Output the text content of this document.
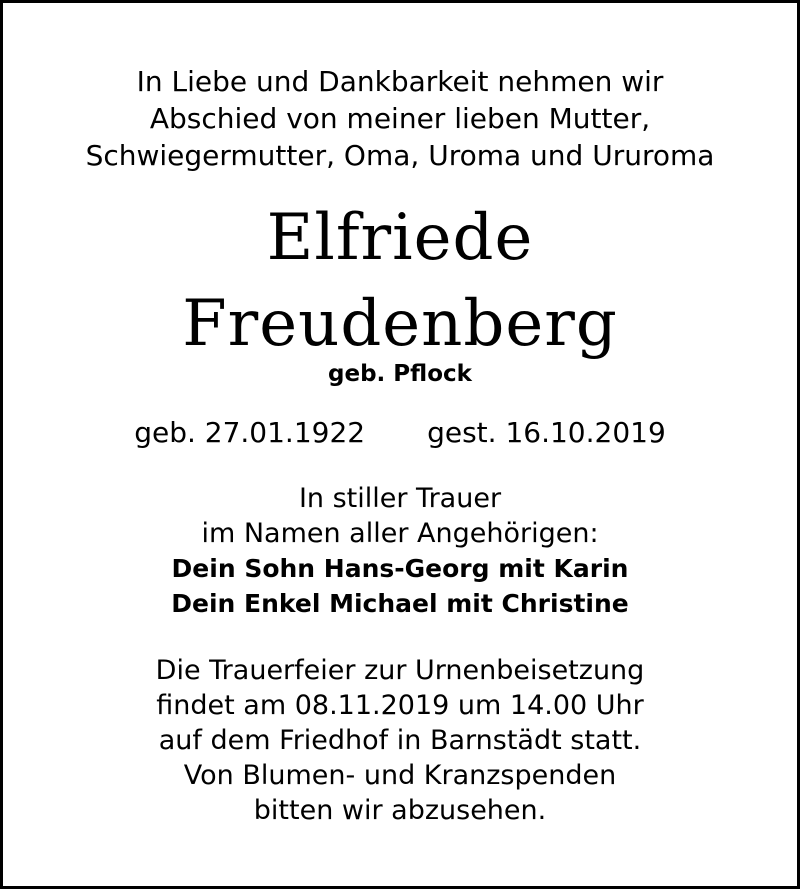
In Liebe und Dankbarkeit nehmen wir
Abschied von meiner lieben Mutter,
Schwiegermutter, Oma, Uroma und Ururoma
Elfriede
Freudenberg
geb. Pflock
geb. 27.01.1922 gest. 16.10.2019
In stiller Trauer
im Namen aller Angehörigen:
Dein Sohn Hans-Georg mit Karin
Dein Enkel Michael mit Christine
Die Trauerfeier zur Urnenbeisetzung
findet am 08.11.2019 um 14.00 Uhr
auf dem Friedhof in Barnstädt statt.
Von Blumen- und Kranzspenden
bitten wir abzusehen.
